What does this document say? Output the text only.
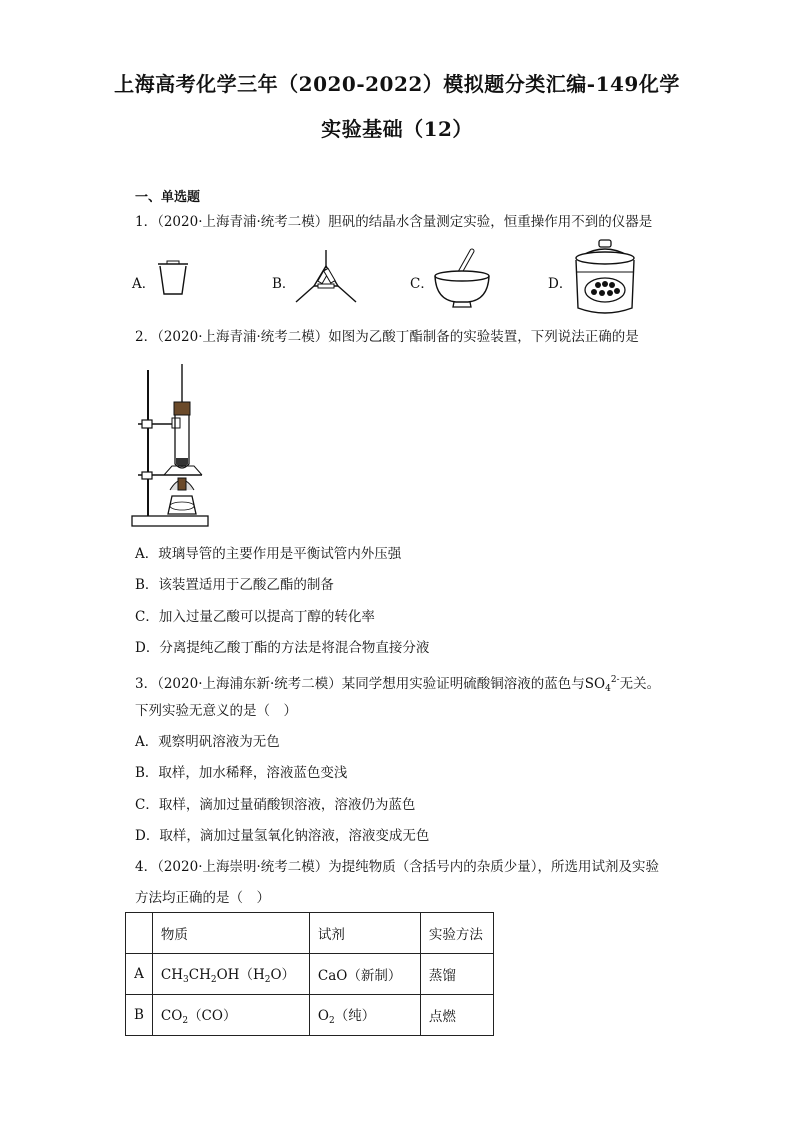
上海高考化学三年（2020-2022）模拟题分类汇编-149化学
实验基础（12）
一、单选题
1．（2020·上海青浦·统考二模）胆矾的结晶水含量测定实验，恒重操作用不到的仪器是
A．	B．	C．	D．
2．（2020·上海青浦·统考二模）如图为乙酸丁酯制备的实验装置，下列说法正确的是
A．玻璃导管的主要作用是平衡试管内外压强
B．该装置适用于乙酸乙酯的制备
C．加入过量乙酸可以提高丁醇的转化率
D．分离提纯乙酸丁酯的方法是将混合物直接分液
3．（2020·上海浦东新·统考二模）某同学想用实验证明硫酸铜溶液的蓝色与$SO_4^{2-}$无关。
下列实验无意义的是（　）
A．观察明矾溶液为无色
B．取样，加水稀释，溶液蓝色变浅
C．取样，滴加过量硝酸钡溶液，溶液仍为蓝色
D．取样，滴加过量氢氧化钠溶液，溶液变成无色
4．（2020·上海崇明·统考二模）为提纯物质（含括号内的杂质少量），所选用试剂及实验
方法均正确的是（　）
	物质	试剂	实验方法
A	$CH_3CH_2OH(H_2O)$	CaO（新制）	蒸馏
B	$CO_2(CO)$	$O_2$（纯）	点燃
